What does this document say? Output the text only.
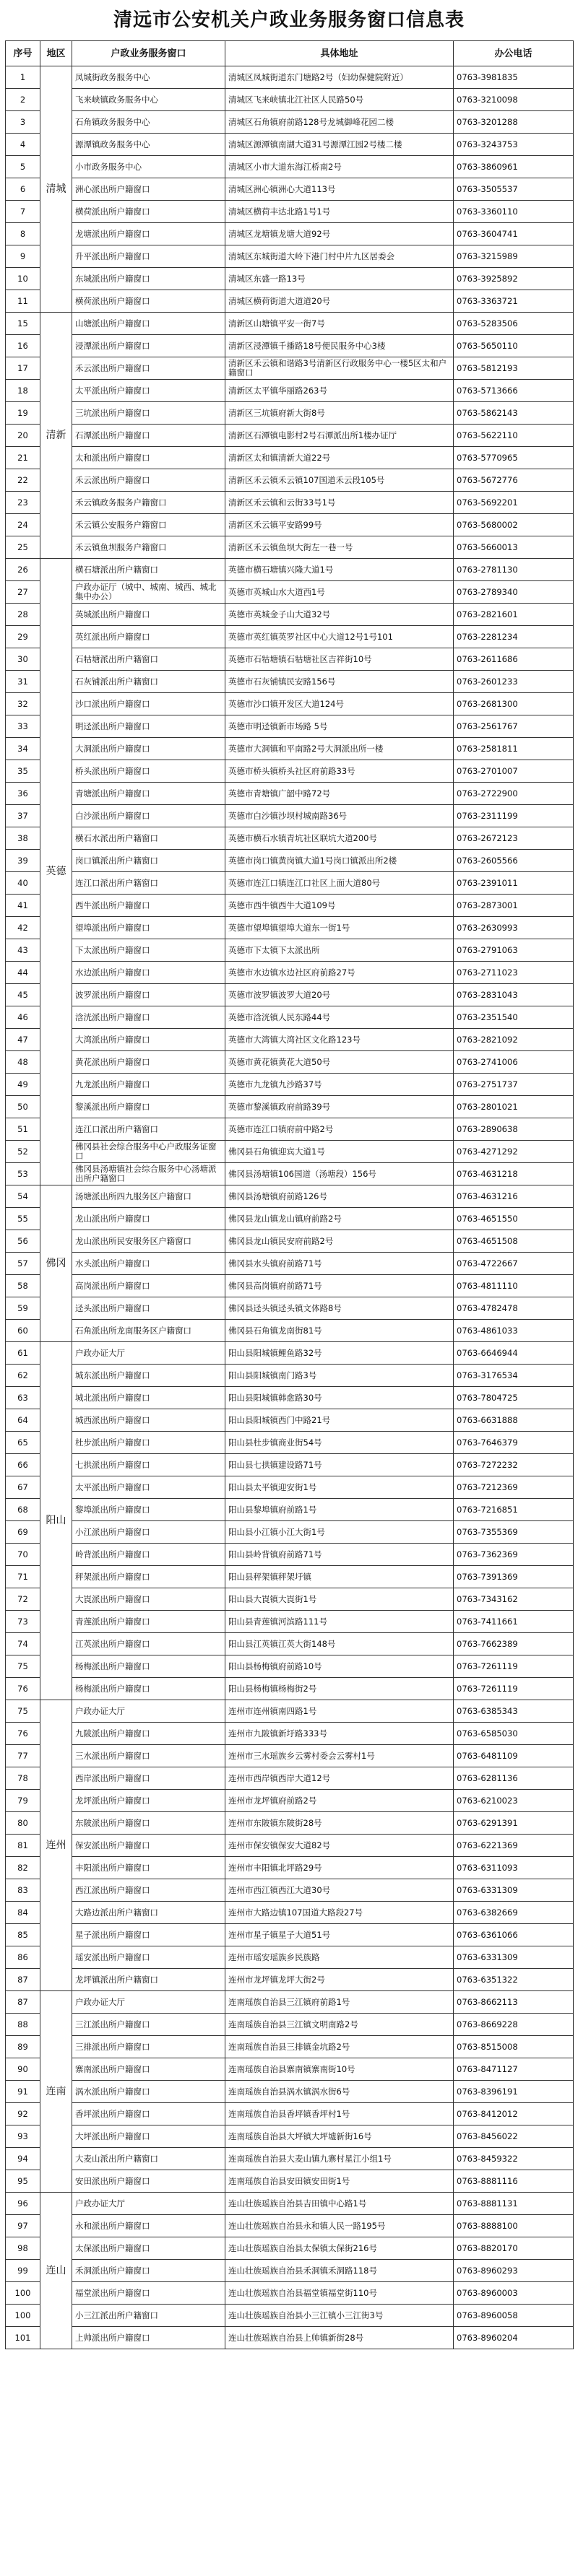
清远市公安机关户政业务服务窗口信息表
序号	地区	户政业务服务窗口	具体地址	办公电话
1	清城	凤城街政务服务中心	清城区凤城街道东门塘路2号（妇幼保健院附近）	0763-3981835
2		飞来峡镇政务服务中心	清城区飞来峡镇北江社区人民路50号	0763-3210098
3		石角镇政务服务中心	清城区石角镇府前路128号龙城御峰花园二楼	0763-3201288
4		源潭镇政务服务中心	清城区源潭镇南湖大道31号源潭江园2号楼二楼	0763-3243753
5		小市政务服务中心	清城区小市大道东海江桥南2号	0763-3860961
6		洲心派出所户籍窗口	清城区洲心镇洲心大道113号	0763-3505537
7		横荷派出所户籍窗口	清城区横荷丰达北路1号1号	0763-3360110
8		龙塘派出所户籍窗口	清城区龙塘镇龙塘大道92号	0763-3604741
9		升平派出所户籍窗口	清城区东城街道大岭下港门村中片九区居委会	0763-3215989
10		东城派出所户籍窗口	清城区东盛一路13号	0763-3925892
11		横荷派出所户籍窗口	清城区横荷街道大道道20号	0763-3363721
15	清新	山塘派出所户籍窗口	清新区山塘镇平安一街7号	0763-5283506
16		浸潭派出所户籍窗口	清新区浸潭镇千播路18号便民服务中心3楼	0763-5650110
17		禾云派出所户籍窗口	清新区禾云镇和谐路3号清新区行政服务中心一楼5区太和户籍窗口	0763-5812193
18		太平派出所户籍窗口	清新区太平镇华丽路263号	0763-5713666
19		三坑派出所户籍窗口	清新区三坑镇府新大街8号	0763-5862143
20		石潭派出所户籍窗口	清新区石潭镇电影村2号石潭派出所1楼办证厅	0763-5622110
21		太和派出所户籍窗口	清新区太和镇清新大道22号	0763-5770965
22		禾云派出所户籍窗口	清新区禾云镇禾云镇107国道禾云段105号	0763-5672776
23		禾云镇政务服务户籍窗口	清新区禾云镇和云街33号1号	0763-5692201
24		禾云镇公安服务户籍窗口	清新区禾云镇平安路99号	0763-5680002
25		禾云镇鱼坝服务户籍窗口	清新区禾云镇鱼坝大街左一巷一号	0763-5660013
26	英德	横石塘派出所户籍窗口	英德市横石塘镇兴隆大道1号	0763-2781130
27		户政办证厅（城中、城南、城西、城北集中办公）	英德市英城山水大道西1号	0763-2789340
28		英城派出所户籍窗口	英德市英城金子山大道32号	0763-2821601
29		英红派出所户籍窗口	英德市英红镇英罗社区中心大道12号1号101	0763-2281234
30		石牯塘派出所户籍窗口	英德市石牯塘镇石牯塘社区吉祥街10号	0763-2611686
31		石灰铺派出所户籍窗口	英德市石灰铺镇民安路156号	0763-2601233
32		沙口派出所户籍窗口	英德市沙口镇开发区大道124号	0763-2681300
33		明迳派出所户籍窗口	英德市明迳镇新市场路 5号	0763-2561767
34		大洞派出所户籍窗口	英德市大洞镇和平南路2号大洞派出所一楼	0763-2581811
35		桥头派出所户籍窗口	英德市桥头镇桥头社区府前路33号	0763-2701007
36		青塘派出所户籍窗口	英德市青塘镇广韶中路72号	0763-2722900
37		白沙派出所户籍窗口	英德市白沙镇沙坝村城南路36号	0763-2311199
38		横石水派出所户籍窗口	英德市横石水镇青坑社区联坑大道200号	0763-2672123
39		岗口镇派出所户籍窗口	英德市岗口镇黄岗镇大道1号岗口镇派出所2楼	0763-2605566
40		连江口派出所户籍窗口	英德市连江口镇连江口社区上面大道80号	0763-2391011
41		西牛派出所户籍窗口	英德市西牛镇西牛大道109号	0763-2873001
42		望埠派出所户籍窗口	英德市望埠镇望埠大道东一街1号	0763-2630993
43		下太派出所户籍窗口	英德市下太镇下太派出所	0763-2791063
44		水边派出所户籍窗口	英德市水边镇水边社区府前路27号	0763-2711023
45		波罗派出所户籍窗口	英德市波罗镇波罗大道20号	0763-2831043
46		浛洸派出所户籍窗口	英德市浛洸镇人民东路44号	0763-2351540
47		大湾派出所户籍窗口	英德市大湾镇大湾社区文化路123号	0763-2821092
48		黄花派出所户籍窗口	英德市黄花镇黄花大道50号	0763-2741006
49		九龙派出所户籍窗口	英德市九龙镇九沙路37号	0763-2751737
50		黎溪派出所户籍窗口	英德市黎溪镇政府前路39号	0763-2801021
51		连江口派出所户籍窗口	英德市连江口镇府前中路2号	0763-2890638
52		佛冈县社会综合服务中心户政服务证窗口	佛冈县石角镇迎宾大道1号	0763-4271292
53		佛冈县汤塘镇社会综合服务中心汤塘派出所户籍窗口	佛冈县汤塘镇106国道（汤塘段）156号	0763-4631218
54	佛冈	汤塘派出所四九服务区户籍窗口	佛冈县汤塘镇府前路126号	0763-4631216
55		龙山派出所户籍窗口	佛冈县龙山镇龙山镇府前路2号	0763-4651550
56		龙山派出所民安服务区户籍窗口	佛冈县龙山镇民安府前路2号	0763-4651508
57		水头派出所户籍窗口	佛冈县水头镇府前路71号	0763-4722667
58		高岗派出所户籍窗口	佛冈县高岗镇府前路71号	0763-4811110
59		迳头派出所户籍窗口	佛冈县迳头镇迳头镇文体路8号	0763-4782478
60		石角派出所龙南服务区户籍窗口	佛冈县石角镇龙南街81号	0763-4861033
61	阳山	户政办证大厅	阳山县阳城镇鲤鱼路32号	0763-6646944
62		城东派出所户籍窗口	阳山县阳城镇南门路3号	0763-3176534
63		城北派出所户籍窗口	阳山县阳城镇韩愈路30号	0763-7804725
64		城西派出所户籍窗口	阳山县阳城镇西门中路21号	0763-6631888
65		杜步派出所户籍窗口	阳山县杜步镇商业街54号	0763-7646379
66		七拱派出所户籍窗口	阳山县七拱镇建设路71号	0763-7272232
67		太平派出所户籍窗口	阳山县太平镇迎安街1号	0763-7212369
68		黎埠派出所户籍窗口	阳山县黎埠镇府前路1号	0763-7216851
69		小江派出所户籍窗口	阳山县小江镇小江大街1号	0763-7355369
70		岭背派出所户籍窗口	阳山县岭背镇府前路71号	0763-7362369
71		秤架派出所户籍窗口	阳山县秤架镇秤架圩镇	0763-7391369
72		大崀派出所户籍窗口	阳山县大崀镇大崀街1号	0763-7343162
73		青莲派出所户籍窗口	阳山县青莲镇河滨路111号	0763-7411661
74		江英派出所户籍窗口	阳山县江英镇江英大街148号	0763-7662389
75		杨梅派出所户籍窗口	阳山县杨梅镇府前路10号	0763-7261119
76		杨梅派出所户籍窗口	阳山县杨梅镇杨梅街2号	0763-7261119
75	连州	户政办证大厅	连州市连州镇南四路1号	0763-6385343
76		九陂派出所户籍窗口	连州市九陂镇新圩路333号	0763-6585030
77		三水派出所户籍窗口	连州市三水瑶族乡云雾村委会云雾村1号	0763-6481109
78		西岸派出所户籍窗口	连州市西岸镇西岸大道12号	0763-6281136
79		龙坪派出所户籍窗口	连州市龙坪镇府前路2号	0763-6210023
80		东陂派出所户籍窗口	连州市东陂镇东陂街28号	0763-6291391
81		保安派出所户籍窗口	连州市保安镇保安大道82号	0763-6221369
82		丰阳派出所户籍窗口	连州市丰阳镇北坪路29号	0763-6311093
83		西江派出所户籍窗口	连州市西江镇西江大道30号	0763-6331309
84		大路边派出所户籍窗口	连州市大路边镇107国道大路段27号	0763-6382669
85		星子派出所户籍窗口	连州市星子镇星子大道51号	0763-6361066
86		瑶安派出所户籍窗口	连州市瑶安瑶族乡民族路	0763-6331309
87		龙坪镇派出所户籍窗口	连州市龙坪镇龙坪大街2号	0763-6351322
87	连南	户政办证大厅	连南瑶族自治县三江镇府前路1号	0763-8662113
88		三江派出所户籍窗口	连南瑶族自治县三江镇文明南路2号	0763-8669228
89		三排派出所户籍窗口	连南瑶族自治县三排镇金坑路2号	0763-8515008
90		寨南派出所户籍窗口	连南瑶族自治县寨南镇寨南街10号	0763-8471127
91		涡水派出所户籍窗口	连南瑶族自治县涡水镇涡水街6号	0763-8396191
92		香坪派出所户籍窗口	连南瑶族自治县香坪镇香坪村1号	0763-8412012
93		大坪派出所户籍窗口	连南瑶族自治县大坪镇大坪墟新街16号	0763-8456022
94		大麦山派出所户籍窗口	连南瑶族自治县大麦山镇九寨村星江小组1号	0763-8459322
95		安田派出所户籍窗口	连南瑶族自治县安田镇安田街1号	0763-8881116
96	连山	户政办证大厅	连山壮族瑶族自治县吉田镇中心路1号	0763-8881131
97		永和派出所户籍窗口	连山壮族瑶族自治县永和镇人民一路195号	0763-8888100
98		太保派出所户籍窗口	连山壮族瑶族自治县太保镇太保街216号	0763-8820170
99		禾洞派出所户籍窗口	连山壮族瑶族自治县禾洞镇禾洞路118号	0763-8960293
100		福堂派出所户籍窗口	连山壮族瑶族自治县福堂镇福堂街110号	0763-8960003
100		小三江派出所户籍窗口	连山壮族瑶族自治县小三江镇小三江街3号	0763-8960058
101		上帅派出所户籍窗口	连山壮族瑶族自治县上帅镇新街28号	0763-8960204
